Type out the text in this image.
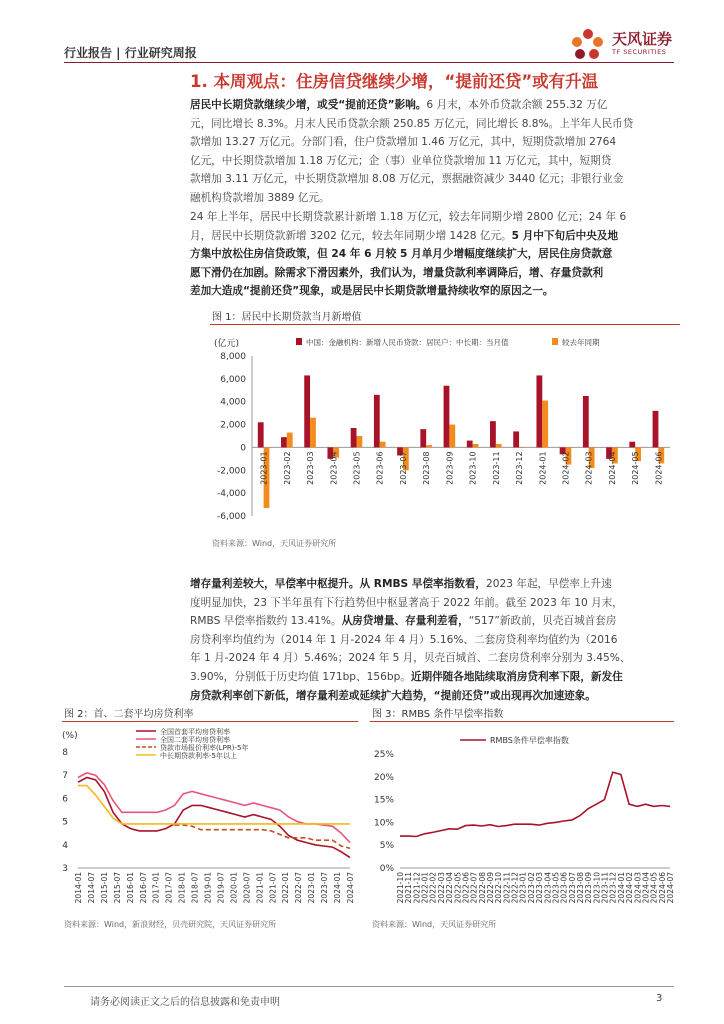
行业报告 | 行业研究周报
天风证券
TF SECURITIES
1. 本周观点：住房信贷继续少增，“提前还贷”或有升温
居民中长期贷款继续少增，或受“提前还贷”影响。6 月末，本外币贷款余额 255.32 万亿
元，同比增长 8.3%。月末人民币贷款余额 250.85 万亿元，同比增长 8.8%。上半年人民币贷
款增加 13.27 万亿元。分部门看，住户贷款增加 1.46 万亿元，其中，短期贷款增加 2764
亿元，中长期贷款增加 1.18 万亿元；企（事）业单位贷款增加 11 万亿元，其中，短期贷
款增加 3.11 万亿元，中长期贷款增加 8.08 万亿元，票据融资减少 3440 亿元；非银行业金
融机构贷款增加 3889 亿元。
24 年上半年，居民中长期贷款累计新增 1.18 万亿元，较去年同期少增 2800 亿元；24 年 6
月，居民中长期贷款新增 3202 亿元，较去年同期少增 1428 亿元。5 月中下旬后中央及地
方集中放松住房信贷政策，但 24 年 6 月较 5 月单月少增幅度继续扩大，居民住房贷款意
愿下滑仍在加剧。除需求下滑因素外，我们认为，增量贷款利率调降后，增、存量贷款利
差加大造成“提前还贷”现象，或是居民中长期贷款增量持续收窄的原因之一。
图 1：居民中长期贷款当月新增值
(亿元)
8,000
6,000
4,000
2,000
0
-2,000
-4,000
-6,000
2023-01 2023-02 2023-03 2023-04 2023-05 2023-06 2023-07 2023-08 2023-09 2023-10 2023-11 2023-12 2024-01 2024-02 2024-03 2024-04 2024-05 2024-06
中国：金融机构：新增人民币贷款：居民户：中长期：当月值	较去年同期
资料来源：Wind，天风证券研究所
增存量利差较大，早偿率中枢提升。从 RMBS 早偿率指数看，2023 年起，早偿率上升速
度明显加快，23 下半年虽有下行趋势但中枢显著高于 2022 年前。截至 2023 年 10 月末，
RMBS 早偿率指数约 13.41%。从房贷增量、存量利差看，“517”新政前，贝壳百城首套房
房贷利率均值约为（2014 年 1 月-2024 年 4 月）5.16%、二套房贷利率均值约为（2016
年 1 月-2024 年 4 月）5.46%；2024 年 5 月，贝壳百城首、二套房贷利率分别为 3.45%、
3.90%，分别低于历史均值 171bp、156bp。近期伴随各地陆续取消房贷利率下限，新发住
房贷款利率创下新低，增存量利差或延续扩大趋势，“提前还贷”或出现再次加速迹象。
图 2：首、二套平均房贷利率
(%)
8
7
6
5
4
3
2014-01 2014-07 2015-01 2015-07 2016-01 2016-07 2017-01 2017-07 2018-01 2018-07 2019-01 2019-07 2020-01 2020-07 2021-01 2021-07 2022-01 2022-07 2023-01 2023-07 2024-01 2024-07
全国首套平均房贷利率
全国二套平均房贷利率
贷款市场报价利率(LPR)-5年
中长期贷款利率-5年以上
资料来源：Wind，新浪财经，贝壳研究院，天风证券研究所
图 3：RMBS 条件早偿率指数
25%
20%
15%
10%
5%
0%
2021-10 2021-11 2021-12 2022-01 2022-02 2022-03 2022-04 2022-05 2022-06 2022-07 2022-08 2022-09 2022-10 2022-11 2022-12 2023-01 2023-02 2023-03 2023-04 2023-05 2023-06 2023-07 2023-08 2023-09 2023-10 2023-11 2023-12 2024-01 2024-02 2024-03 2024-04 2024-05 2024-06 2024-07
RMBS条件早偿率指数
资料来源：Wind，天风证券研究所
请务必阅读正文之后的信息披露和免责申明	3
